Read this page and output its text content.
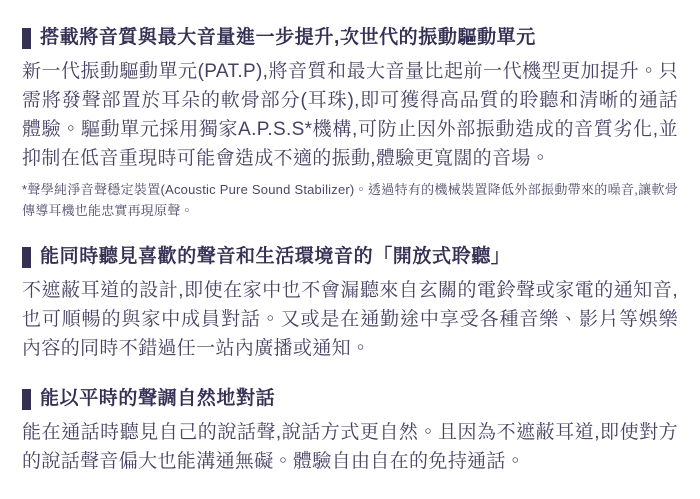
搭載將音質與最大音量進一步提升,次世代的振動驅動單元

新一代振動驅動單元(PAT.P),將音質和最大音量比起前一代機型更加提升。只需將發聲部置於耳朵的軟骨部分(耳珠),即可獲得高品質的聆聽和清晰的通話體驗。驅動單元採用獨家A.P.S.S*機構,可防止因外部振動造成的音質劣化,並抑制在低音重現時可能會造成不適的振動,體驗更寬闊的音場。

*聲學純淨音聲穩定裝置(Acoustic Pure Sound Stabilizer)。透過特有的機械裝置降低外部振動帶來的噪音,讓軟骨傳導耳機也能忠實再現原聲。

能同時聽見喜歡的聲音和生活環境音的「開放式聆聽」

不遮蔽耳道的設計,即使在家中也不會漏聽來自玄關的電鈴聲或家電的通知音,也可順暢的與家中成員對話。又或是在通勤途中享受各種音樂、影片等娛樂內容的同時不錯過任一站內廣播或通知。

能以平時的聲調自然地對話

能在通話時聽見自己的說話聲,說話方式更自然。且因為不遮蔽耳道,即使對方的說話聲音偏大也能溝通無礙。體驗自由自在的免持通話。
